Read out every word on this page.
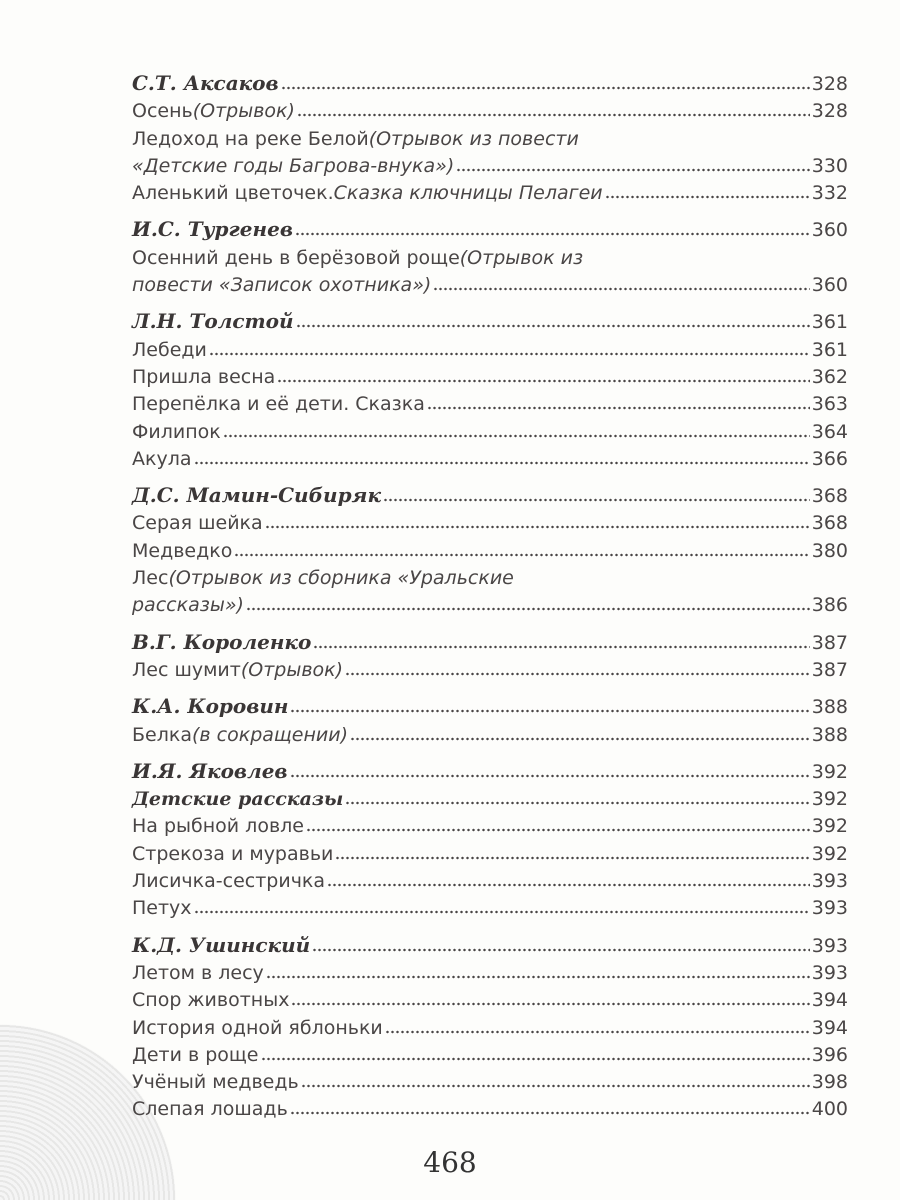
С.Т. Аксаков	328
Осень (Отрывок)	328
Ледоход на реке Белой (Отрывок из повести
«Детские годы Багрова-внука»)	330
Аленький цветочек. Сказка ключницы Пелагеи	332
И.С. Тургенев	360
Осенний день в берёзовой роще (Отрывок из
повести «Записок охотника»)	360
Л.Н. Толстой	361
Лебеди	361
Пришла весна	362
Перепёлка и её дети. Сказка	363
Филипок	364
Акула	366
Д.С. Мамин-Сибиряк	368
Серая шейка	368
Медведко	380
Лес (Отрывок из сборника «Уральские
рассказы»)	386
В.Г. Короленко	387
Лес шумит (Отрывок)	387
К.А. Коровин	388
Белка (в сокращении)	388
И.Я. Яковлев	392
Детские рассказы	392
На рыбной ловле	392
Стрекоза и муравьи	392
Лисичка-сестричка	393
Петух	393
К.Д. Ушинский	393
Летом в лесу	393
Спор животных	394
История одной яблоньки	394
Дети в роще	396
Учёный медведь	398
Слепая лошадь	400
468
